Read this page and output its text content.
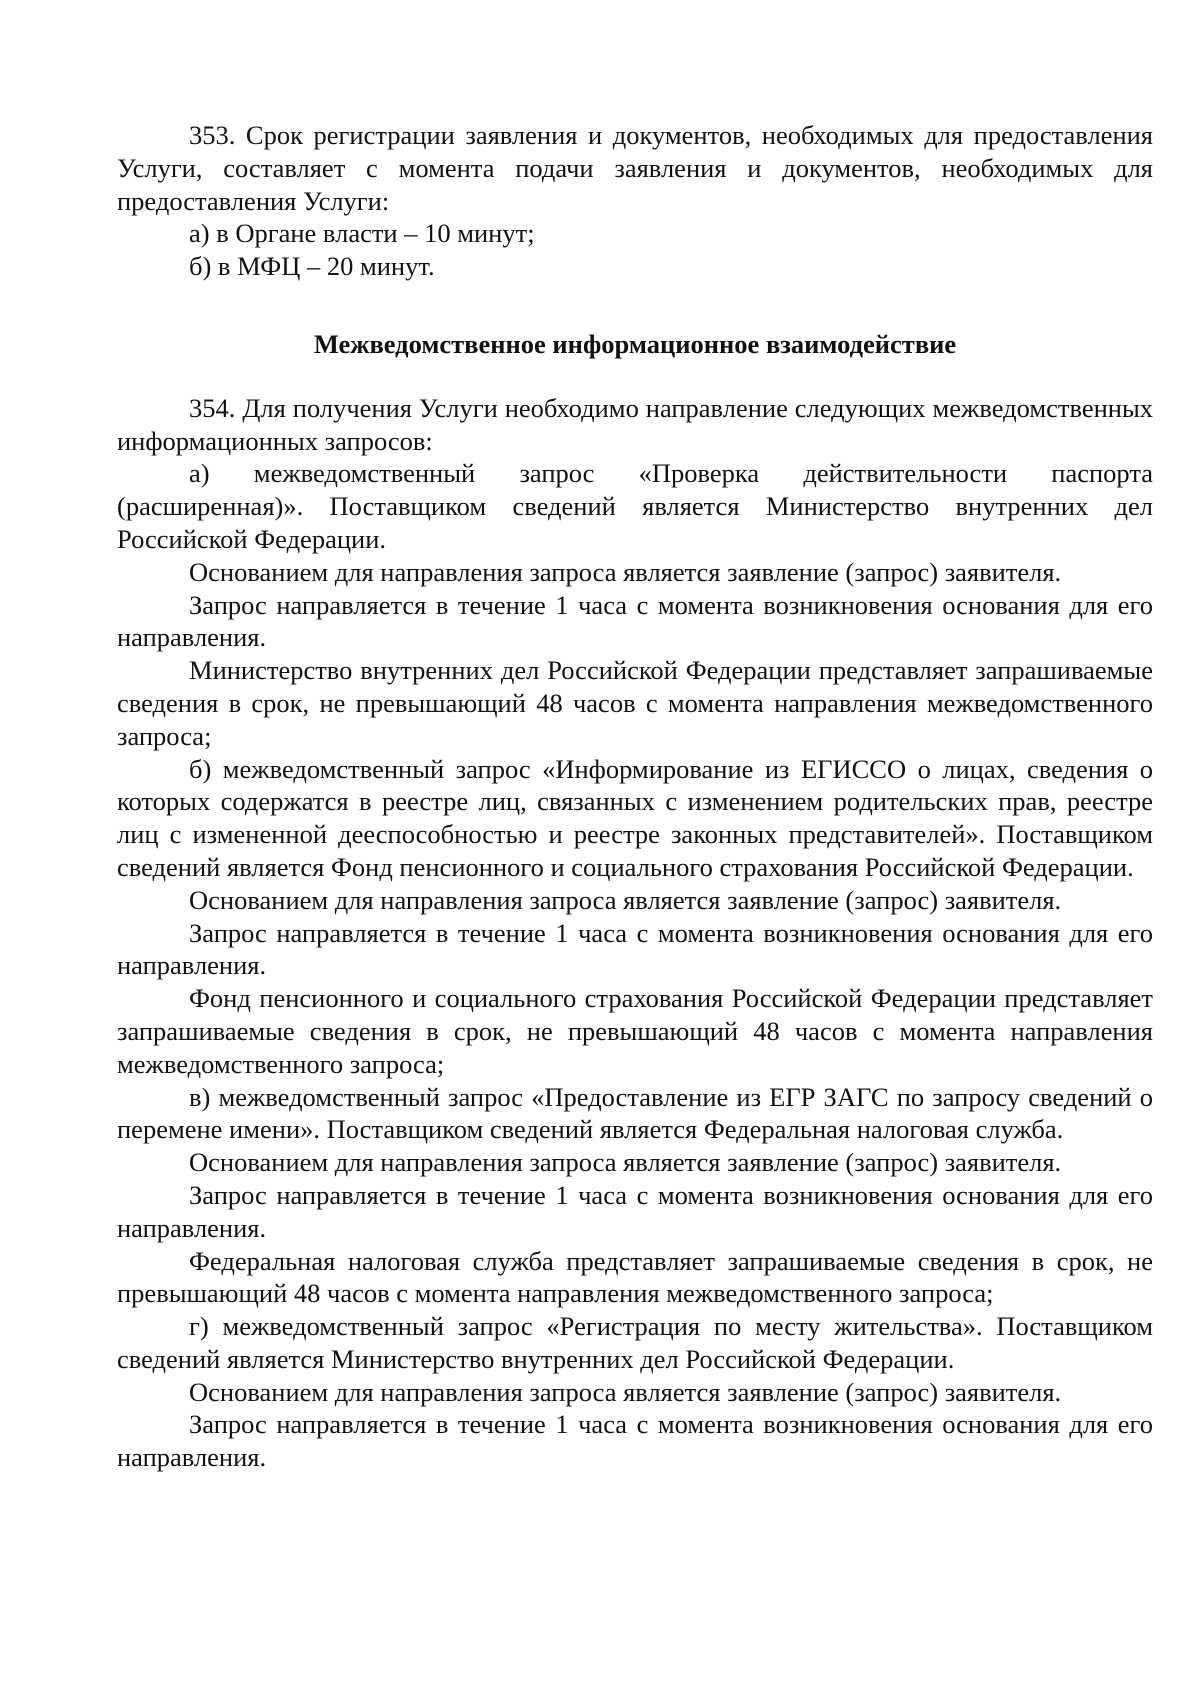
353. Срок регистрации заявления и документов, необходимых для предоставления Услуги, составляет с момента подачи заявления и документов, необходимых для предоставления Услуги:

а) в Органе власти – 10 минут;

б) в МФЦ – 20 минут.

Межведомственное информационное взаимодействие

354. Для получения Услуги необходимо направление следующих межведомственных информационных запросов:

а) межведомственный запрос «Проверка действительности паспорта (расширенная)». Поставщиком сведений является Министерство внутренних дел Российской Федерации.

Основанием для направления запроса является заявление (запрос) заявителя.

Запрос направляется в течение 1 часа с момента возникновения основания для его направления.

Министерство внутренних дел Российской Федерации представляет запрашиваемые сведения в срок, не превышающий 48 часов с момента направления межведомственного запроса;

б) межведомственный запрос «Информирование из ЕГИССО о лицах, сведения о которых содержатся в реестре лиц, связанных с изменением родительских прав, реестре лиц с измененной дееспособностью и реестре законных представителей». Поставщиком сведений является Фонд пенсионного и социального страхования Российской Федерации.

Основанием для направления запроса является заявление (запрос) заявителя.

Запрос направляется в течение 1 часа с момента возникновения основания для его направления.

Фонд пенсионного и социального страхования Российской Федерации представляет запрашиваемые сведения в срок, не превышающий 48 часов с момента направления межведомственного запроса;

в) межведомственный запрос «Предоставление из ЕГР ЗАГС по запросу сведений о перемене имени». Поставщиком сведений является Федеральная налоговая служба.

Основанием для направления запроса является заявление (запрос) заявителя.

Запрос направляется в течение 1 часа с момента возникновения основания для его направления.

Федеральная налоговая служба представляет запрашиваемые сведения в срок, не превышающий 48 часов с момента направления межведомственного запроса;

г) межведомственный запрос «Регистрация по месту жительства». Поставщиком сведений является Министерство внутренних дел Российской Федерации.

Основанием для направления запроса является заявление (запрос) заявителя.

Запрос направляется в течение 1 часа с момента возникновения основания для его направления.
